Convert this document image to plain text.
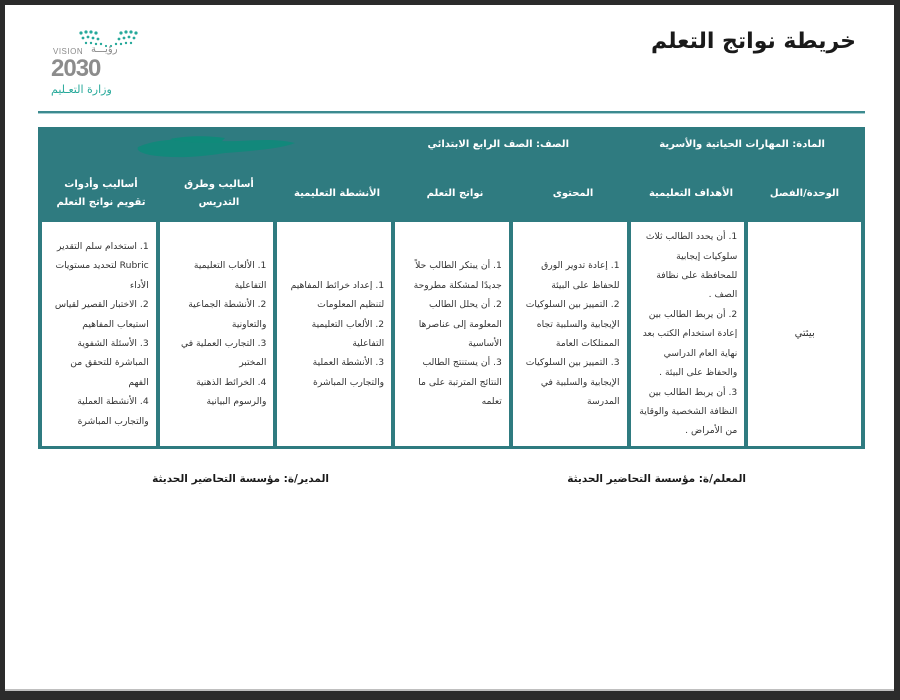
خريطة نواتج التعلم
VISION رؤيـــة
2030
وزارة التعـليم
المادة: المهارات الحياتية والأسرية
الصف: الصف الرابع الابتدائي
الوحدة/الفصل
الأهداف التعليمية
المحتوى
نواتج التعلم
الأنشطة التعليمية
أساليب وطرق التدريس
أساليب وأدوات تقويم نواتج التعلم
بيئتي
1. أن يحدد الطالب ثلاث سلوكيات إيجابية للمحافظة على نظافة الصف .
2. أن يربط الطالب بين إعادة استخدام الكتب بعد نهاية العام الدراسي والحفاظ على البيئة .
3. أن يربط الطالب بين النظافة الشخصية والوقاية من الأمراض .
1. إعادة تدوير الورق للحفاظ على البيئة
2. التمييز بين السلوكيات الإيجابية والسلبية تجاه الممتلكات العامة
3. التمييز بين السلوكيات الإيجابية والسلبية في المدرسة
1. أن يبتكر الطالب حلاً جديدًا لمشكلة مطروحة
2. أن يحلل الطالب المعلومة إلى عناصرها الأساسية
3. أن يستنتج الطالب النتائج المترتبة على ما تعلمه
1. إعداد خرائط المفاهيم لتنظيم المعلومات
2. الألعاب التعليمية التفاعلية
3. الأنشطة العملية والتجارب المباشرة
1. الألعاب التعليمية التفاعلية
2. الأنشطة الجماعية والتعاونية
3. التجارب العملية في المختبر
4. الخرائط الذهنية والرسوم البيانية
1. استخدام سلم التقدير Rubric لتحديد مستويات الأداء
2. الاختبار القصير لقياس استيعاب المفاهيم
3. الأسئلة الشفوية المباشرة للتحقق من الفهم
4. الأنشطة العملية والتجارب المباشرة
المعلم/ة: مؤسسة التحاضير الحديثة
المدير/ة: مؤسسة التحاضير الحديثة
